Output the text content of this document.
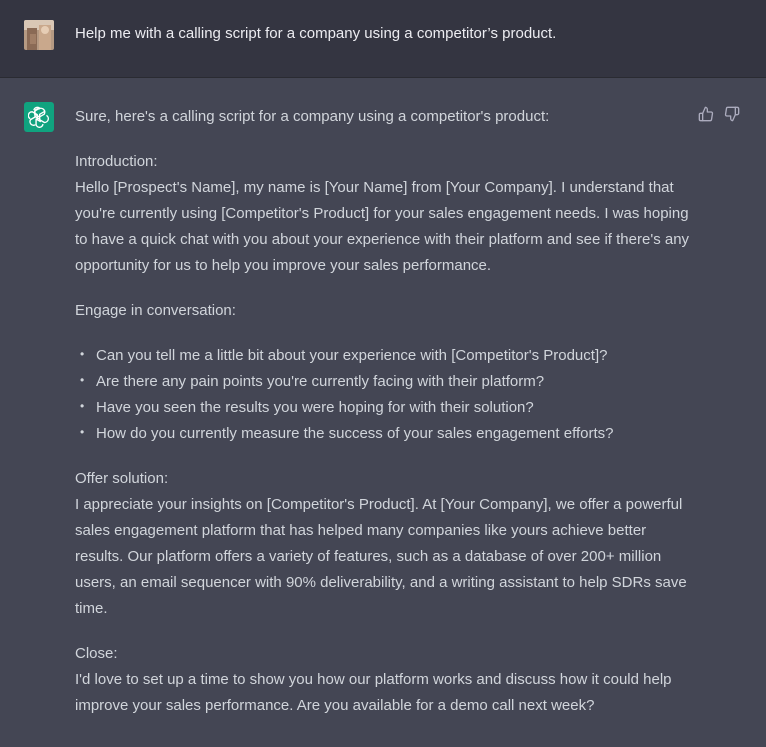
Help me with a calling script for a company using a competitor’s product.

Sure, here's a calling script for a company using a competitor's product:

Introduction:
Hello [Prospect's Name], my name is [Your Name] from [Your Company]. I understand that you're currently using [Competitor's Product] for your sales engagement needs. I was hoping to have a quick chat with you about your experience with their platform and see if there's any opportunity for us to help you improve your sales performance.

Engage in conversation:

• Can you tell me a little bit about your experience with [Competitor's Product]?
• Are there any pain points you're currently facing with their platform?
• Have you seen the results you were hoping for with their solution?
• How do you currently measure the success of your sales engagement efforts?

Offer solution:
I appreciate your insights on [Competitor's Product]. At [Your Company], we offer a powerful sales engagement platform that has helped many companies like yours achieve better results. Our platform offers a variety of features, such as a database of over 200+ million users, an email sequencer with 90% deliverability, and a writing assistant to help SDRs save time.

Close:
I'd love to set up a time to show you how our platform works and discuss how it could help improve your sales performance. Are you available for a demo call next week?
